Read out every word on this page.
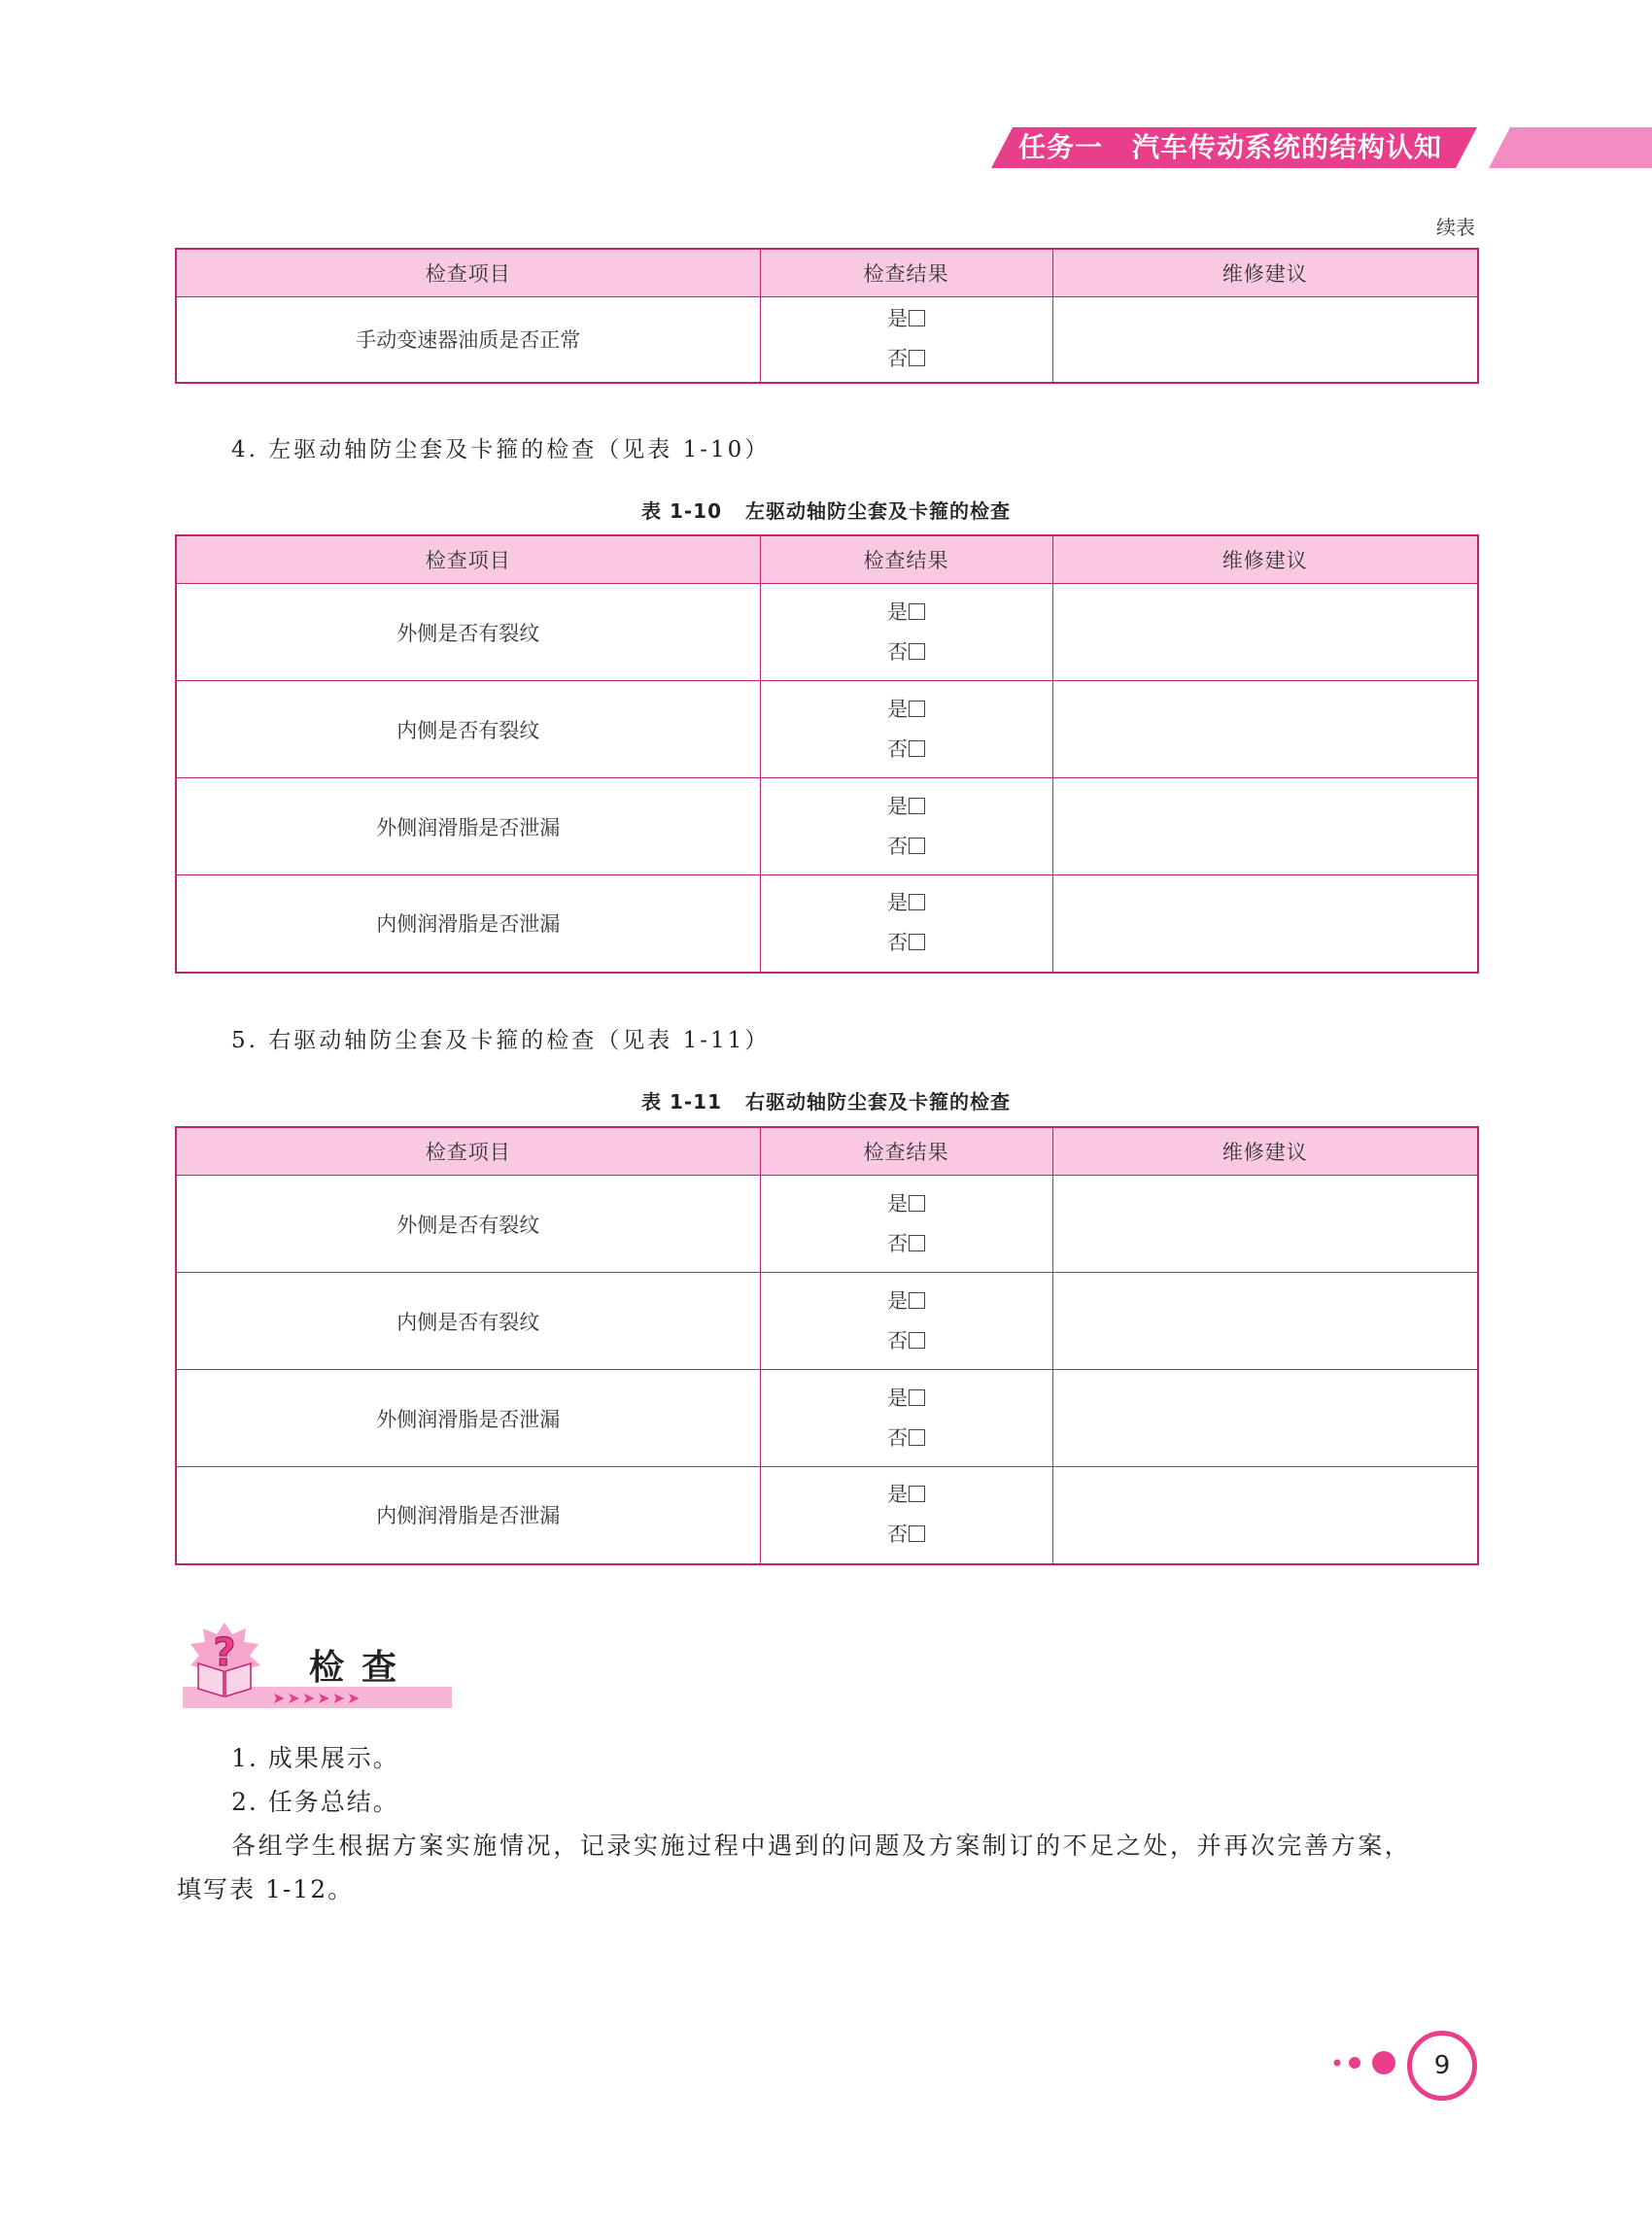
任务一 汽车传动系统的结构认知
续表
检查项目	检查结果	维修建议
手动变速器油质是否正常	是
否	

4. 左驱动轴防尘套及卡箍的检查（见表 1-10）
表 1-10 左驱动轴防尘套及卡箍的检查
检查项目	检查结果	维修建议
外侧是否有裂纹	是
否	

内侧是否有裂纹	是
否	

外侧润滑脂是否泄漏	是
否	

内侧润滑脂是否泄漏	是
否	

5. 右驱动轴防尘套及卡箍的检查（见表 1-11）
表 1-11 右驱动轴防尘套及卡箍的检查
检查项目	检查结果	维修建议
外侧是否有裂纹	是
否	

内侧是否有裂纹	是
否	

外侧润滑脂是否泄漏	是
否	

内侧润滑脂是否泄漏	是
否	

➤➤➤➤➤➤
? 检查
1. 成果展示。
2. 任务总结。
各组学生根据方案实施情况，记录实施过程中遇到的问题及方案制订的不足之处，并再次完善方案，
填写表 1-12。
9
